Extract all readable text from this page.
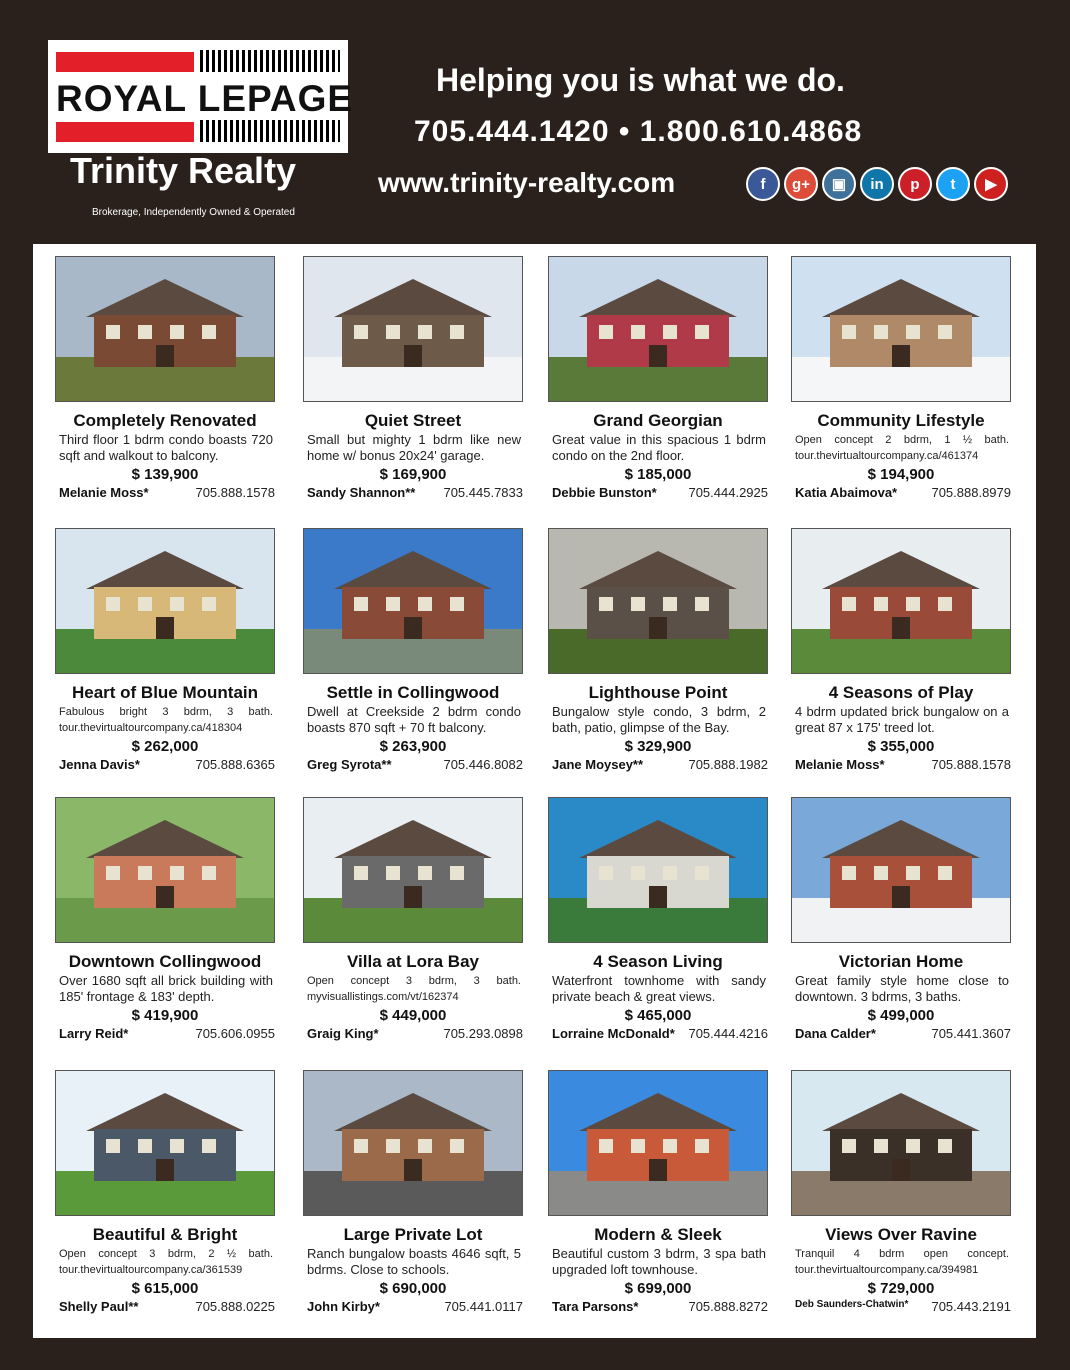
ROYAL LEPAGE
Trinity Realty
Brokerage, Independently Owned & Operated
Helping you is what we do.
705.444.1420 • 1.800.610.4868
www.trinity-realty.com	f	g+	▣	in	p	t	▶
Completely Renovated
Third floor 1 bdrm condo boasts 720 sqft and walkout to balcony.
$ 139,900
Melanie Moss*	705.888.1578
Quiet Street
Small but mighty 1 bdrm like new home w/ bonus 20x24' garage.
$ 169,900
Sandy Shannon** 705.445.7833
Grand Georgian
Great value in this spacious 1 bdrm condo on the 2nd floor.
$ 185,000
Debbie Bunston* 705.444.2925
Community Lifestyle
Open concept 2 bdrm, 1 ½ bath. tour.thevirtualtourcompany.ca/461374
$ 194,900
Katia Abaimova*	705.888.8979
Heart of Blue Mountain
Fabulous bright 3 bdrm, 3 bath. tour.thevirtualtourcompany.ca/418304
$ 262,000
Jenna Davis*	705.888.6365
Settle in Collingwood
Dwell at Creekside 2 bdrm condo boasts 870 sqft + 70 ft balcony.
$ 263,900
Greg Syrota**	705.446.8082
Lighthouse Point
Bungalow style condo, 3 bdrm, 2 bath, patio, glimpse of the Bay.
$ 329,900
Jane Moysey**	705.888.1982
4 Seasons of Play
4 bdrm updated brick bungalow on a great 87 x 175' treed lot.
$ 355,000
Melanie Moss*	705.888.1578
Downtown Collingwood
Over 1680 sqft all brick building with 185' frontage & 183' depth.
$ 419,900
Larry Reid*	705.606.0955
Villa at Lora Bay
Open concept 3 bdrm, 3 bath. myvisuallistings.com/vt/162374
$ 449,000
Graig King*	705.293.0898
4 Season Living
Waterfront townhome with sandy private beach & great views.
$ 465,000
Lorraine McDonald* 705.444.4216
Victorian Home
Great family style home close to downtown. 3 bdrms, 3 baths.
$ 499,000
Dana Calder*	705.441.3607
Beautiful & Bright
Open concept 3 bdrm, 2 ½ bath. tour.thevirtualtourcompany.ca/361539
$ 615,000
Shelly Paul**	705.888.0225
Large Private Lot
Ranch bungalow boasts 4646 sqft, 5 bdrms. Close to schools.
$ 690,000
John Kirby*	705.441.0117
Modern & Sleek
Beautiful custom 3 bdrm, 3 spa bath upgraded loft townhouse.
$ 699,000
Tara Parsons*	705.888.8272
Views Over Ravine
Tranquil 4 bdrm open concept. tour.thevirtualtourcompany.ca/394981
$ 729,000
Deb Saunders-Chatwin* 705.443.2191
